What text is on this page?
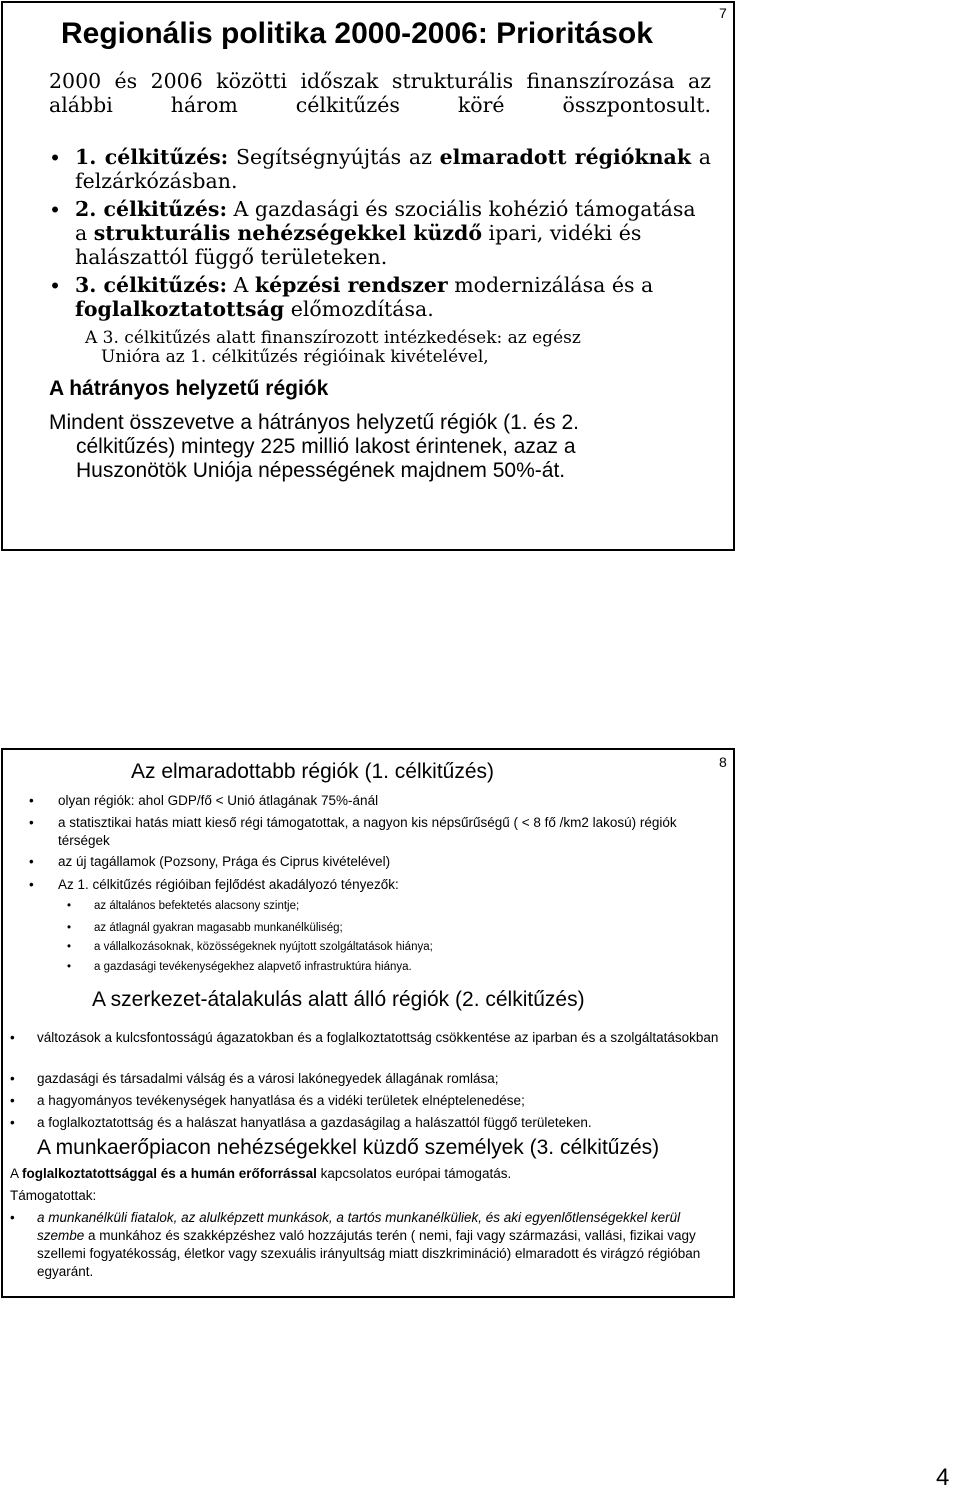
7
Regionális politika 2000-2006: Prioritások

2000 és 2006 közötti időszak strukturális finanszírozása az alábbi három célkitűzés köré összpontosult.

• 1. célkitűzés: Segítségnyújtás az elmaradott régióknak a felzárkózásban.
• 2. célkitűzés: A gazdasági és szociális kohézió támogatása a strukturális nehézségekkel küzdő ipari, vidéki és halászattól függő területeken.
• 3. célkitűzés: A képzési rendszer modernizálása és a foglalkoztatottság előmozdítása.
A 3. célkitűzés alatt finanszírozott intézkedések: az egész
Unióra az 1. célkitűzés régióinak kivételével,
A hátrányos helyzetű régiók
Mindent összevetve a hátrányos helyzetű régiók (1. és 2.
célkitűzés) mintegy 225 millió lakost érintenek, azaz a
Huszonötök Uniója népességének majdnem 50%-át.
8
Az elmaradottabb régiók (1. célkitűzés)
• olyan régiók: ahol GDP/fő < Unió átlagának 75%-ánál
• a statisztikai hatás miatt kieső régi támogatottak, a nagyon kis népsűrűségű ( < 8 fő /km2 lakosú) régiók térségek
• az új tagállamok (Pozsony, Prága és Ciprus kivételével)
• Az 1. célkitűzés régióiban fejlődést akadályozó tényezők:
• az általános befektetés alacsony szintje;
• az átlagnál gyakran magasabb munkanélküliség;
• a vállalkozásoknak, közösségeknek nyújtott szolgáltatások hiánya;
• a gazdasági tevékenységekhez alapvető infrastruktúra hiánya.
A szerkezet-átalakulás alatt álló régiók (2. célkitűzés)
• változások a kulcsfontosságú ágazatokban és a foglalkoztatottság csökkentése az iparban és a szolgáltatásokban
• gazdasági és társadalmi válság és a városi lakónegyedek állagának romlása;
• a hagyományos tevékenységek hanyatlása és a vidéki területek elnéptelenedése;
• a foglalkoztatottság és a halászat hanyatlása a gazdaságilag a halászattól függő területeken.
A munkaerőpiacon nehézségekkel küzdő személyek (3. célkitűzés)
A foglalkoztatottsággal és a humán erőforrással kapcsolatos európai támogatás.
Támogatottak:
• a munkanélküli fiatalok, az alulképzett munkások, a tartós munkanélküliek, és aki egyenlőtlenségekkel kerül szembe a munkához és szakképzéshez való hozzájutás terén ( nemi, faji vagy származási, vallási, fizikai vagy szellemi fogyatékosság, életkor vagy szexuális irányultság miatt diszkrimináció) elmaradott és virágzó régióban egyaránt.
4
